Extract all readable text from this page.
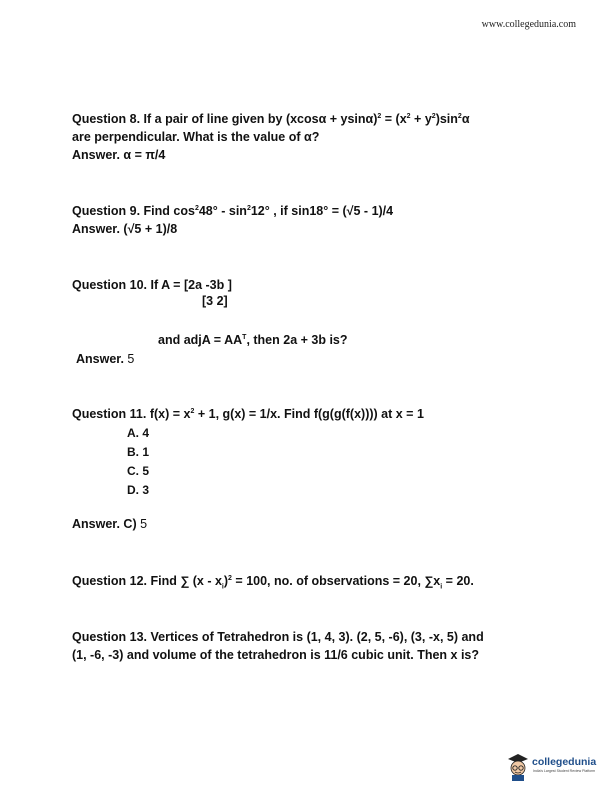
www.collegedunia.com
Question 8. If a pair of line given by $(xcos\alpha + ysin\alpha)^2 = (x^2 + y^2)\sin^2\alpha$
are perpendicular. What is the value of α?
Answer. α = π/4
Question 9. Find $\cos^248^\circ - \sin^212^\circ$ , if sin18° = (√5 - 1)/4
Answer. (√5 + 1)/8
Question 10. If A = [2a -3b ]
[3 2]
and adjA = $AA^T$, then 2a + 3b is?
Answer. 5
Question 11. $f(x) = x^2 + 1$, g(x) = 1/x. Find f(g(g(f(x)))) at x = 1
A. 4
B. 1
C. 5
D. 3
Answer. C) 5
Question 12. Find ∑ $(x - x_i)^2 = 100$, no. of observations = 20, $\sum x_i = 20$.
Question 13. Vertices of Tetrahedron is (1, 4, 3). (2, 5, -6), (3, -x, 5) and
(1, -6, -3) and volume of the tetrahedron is 11/6 cubic unit. Then x is?
collegedunia
India's Largest Student Review Platform
